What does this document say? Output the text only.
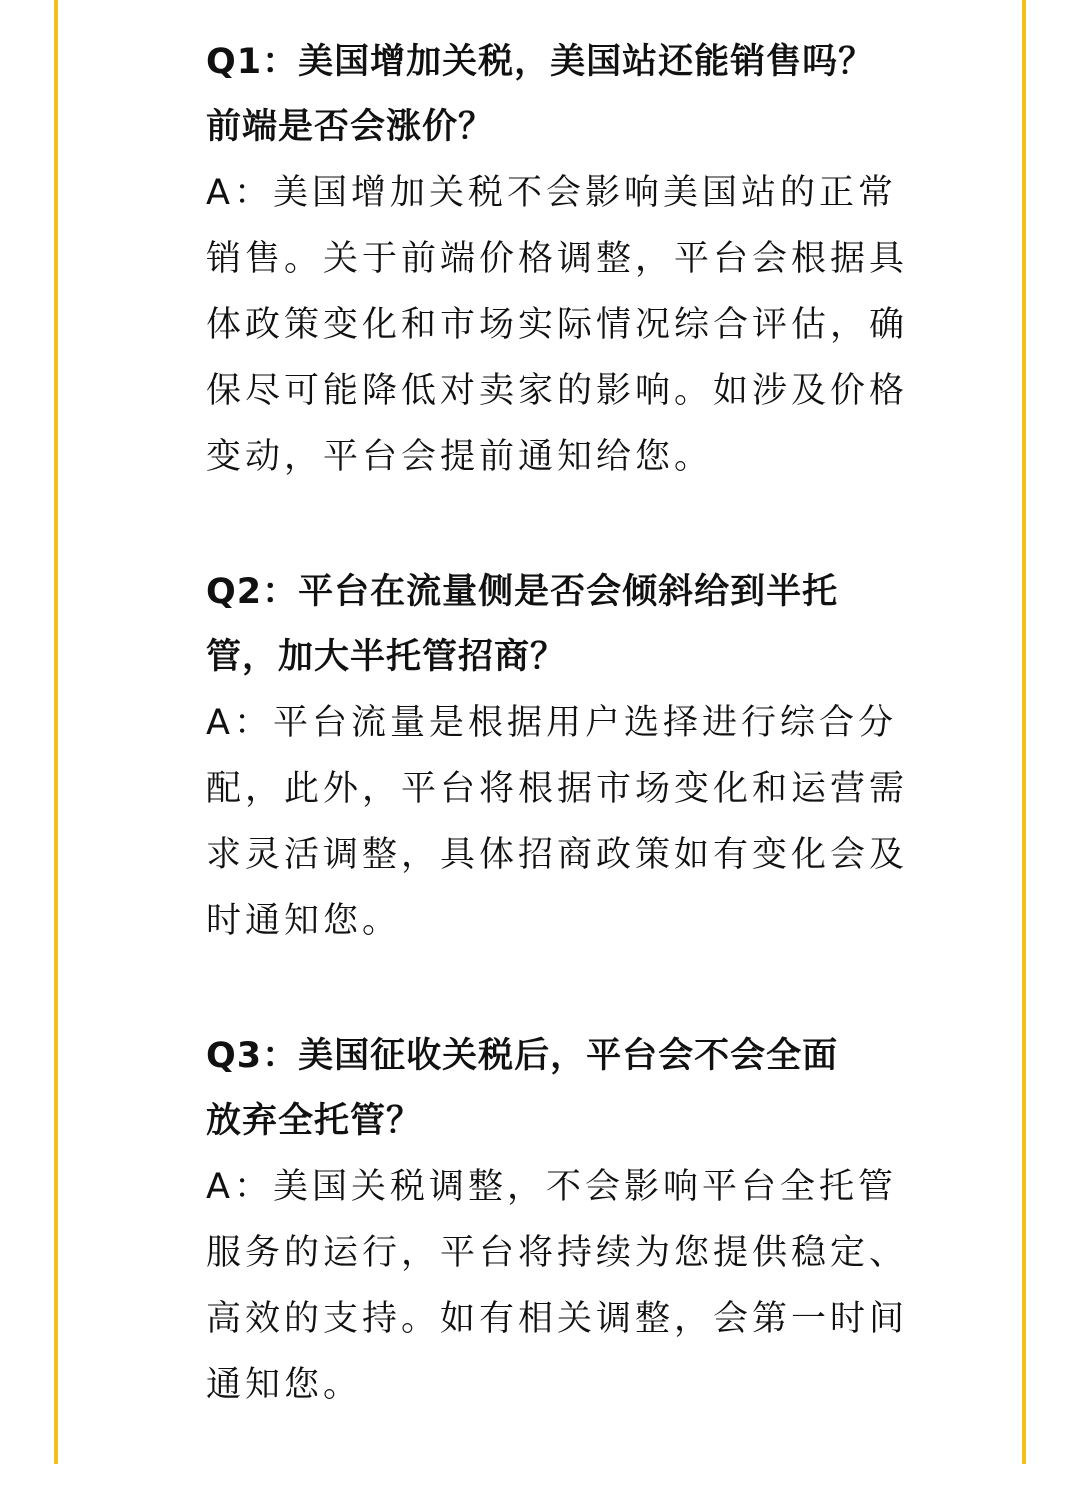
Q1：美国增加关税，美国站还能销售吗？
前端是否会涨价？

A：美国增加关税不会影响美国站的正常
销售。关于前端价格调整，平台会根据具
体政策变化和市场实际情况综合评估，确
保尽可能降低对卖家的影响。如涉及价格
变动，平台会提前通知给您。

Q2：平台在流量侧是否会倾斜给到半托
管，加大半托管招商？

A：平台流量是根据用户选择进行综合分
配，此外，平台将根据市场变化和运营需
求灵活调整，具体招商政策如有变化会及
时通知您。

Q3：美国征收关税后，平台会不会全面
放弃全托管？

A：美国关税调整，不会影响平台全托管
服务的运行，平台将持续为您提供稳定、
高效的支持。如有相关调整，会第一时间
通知您。
